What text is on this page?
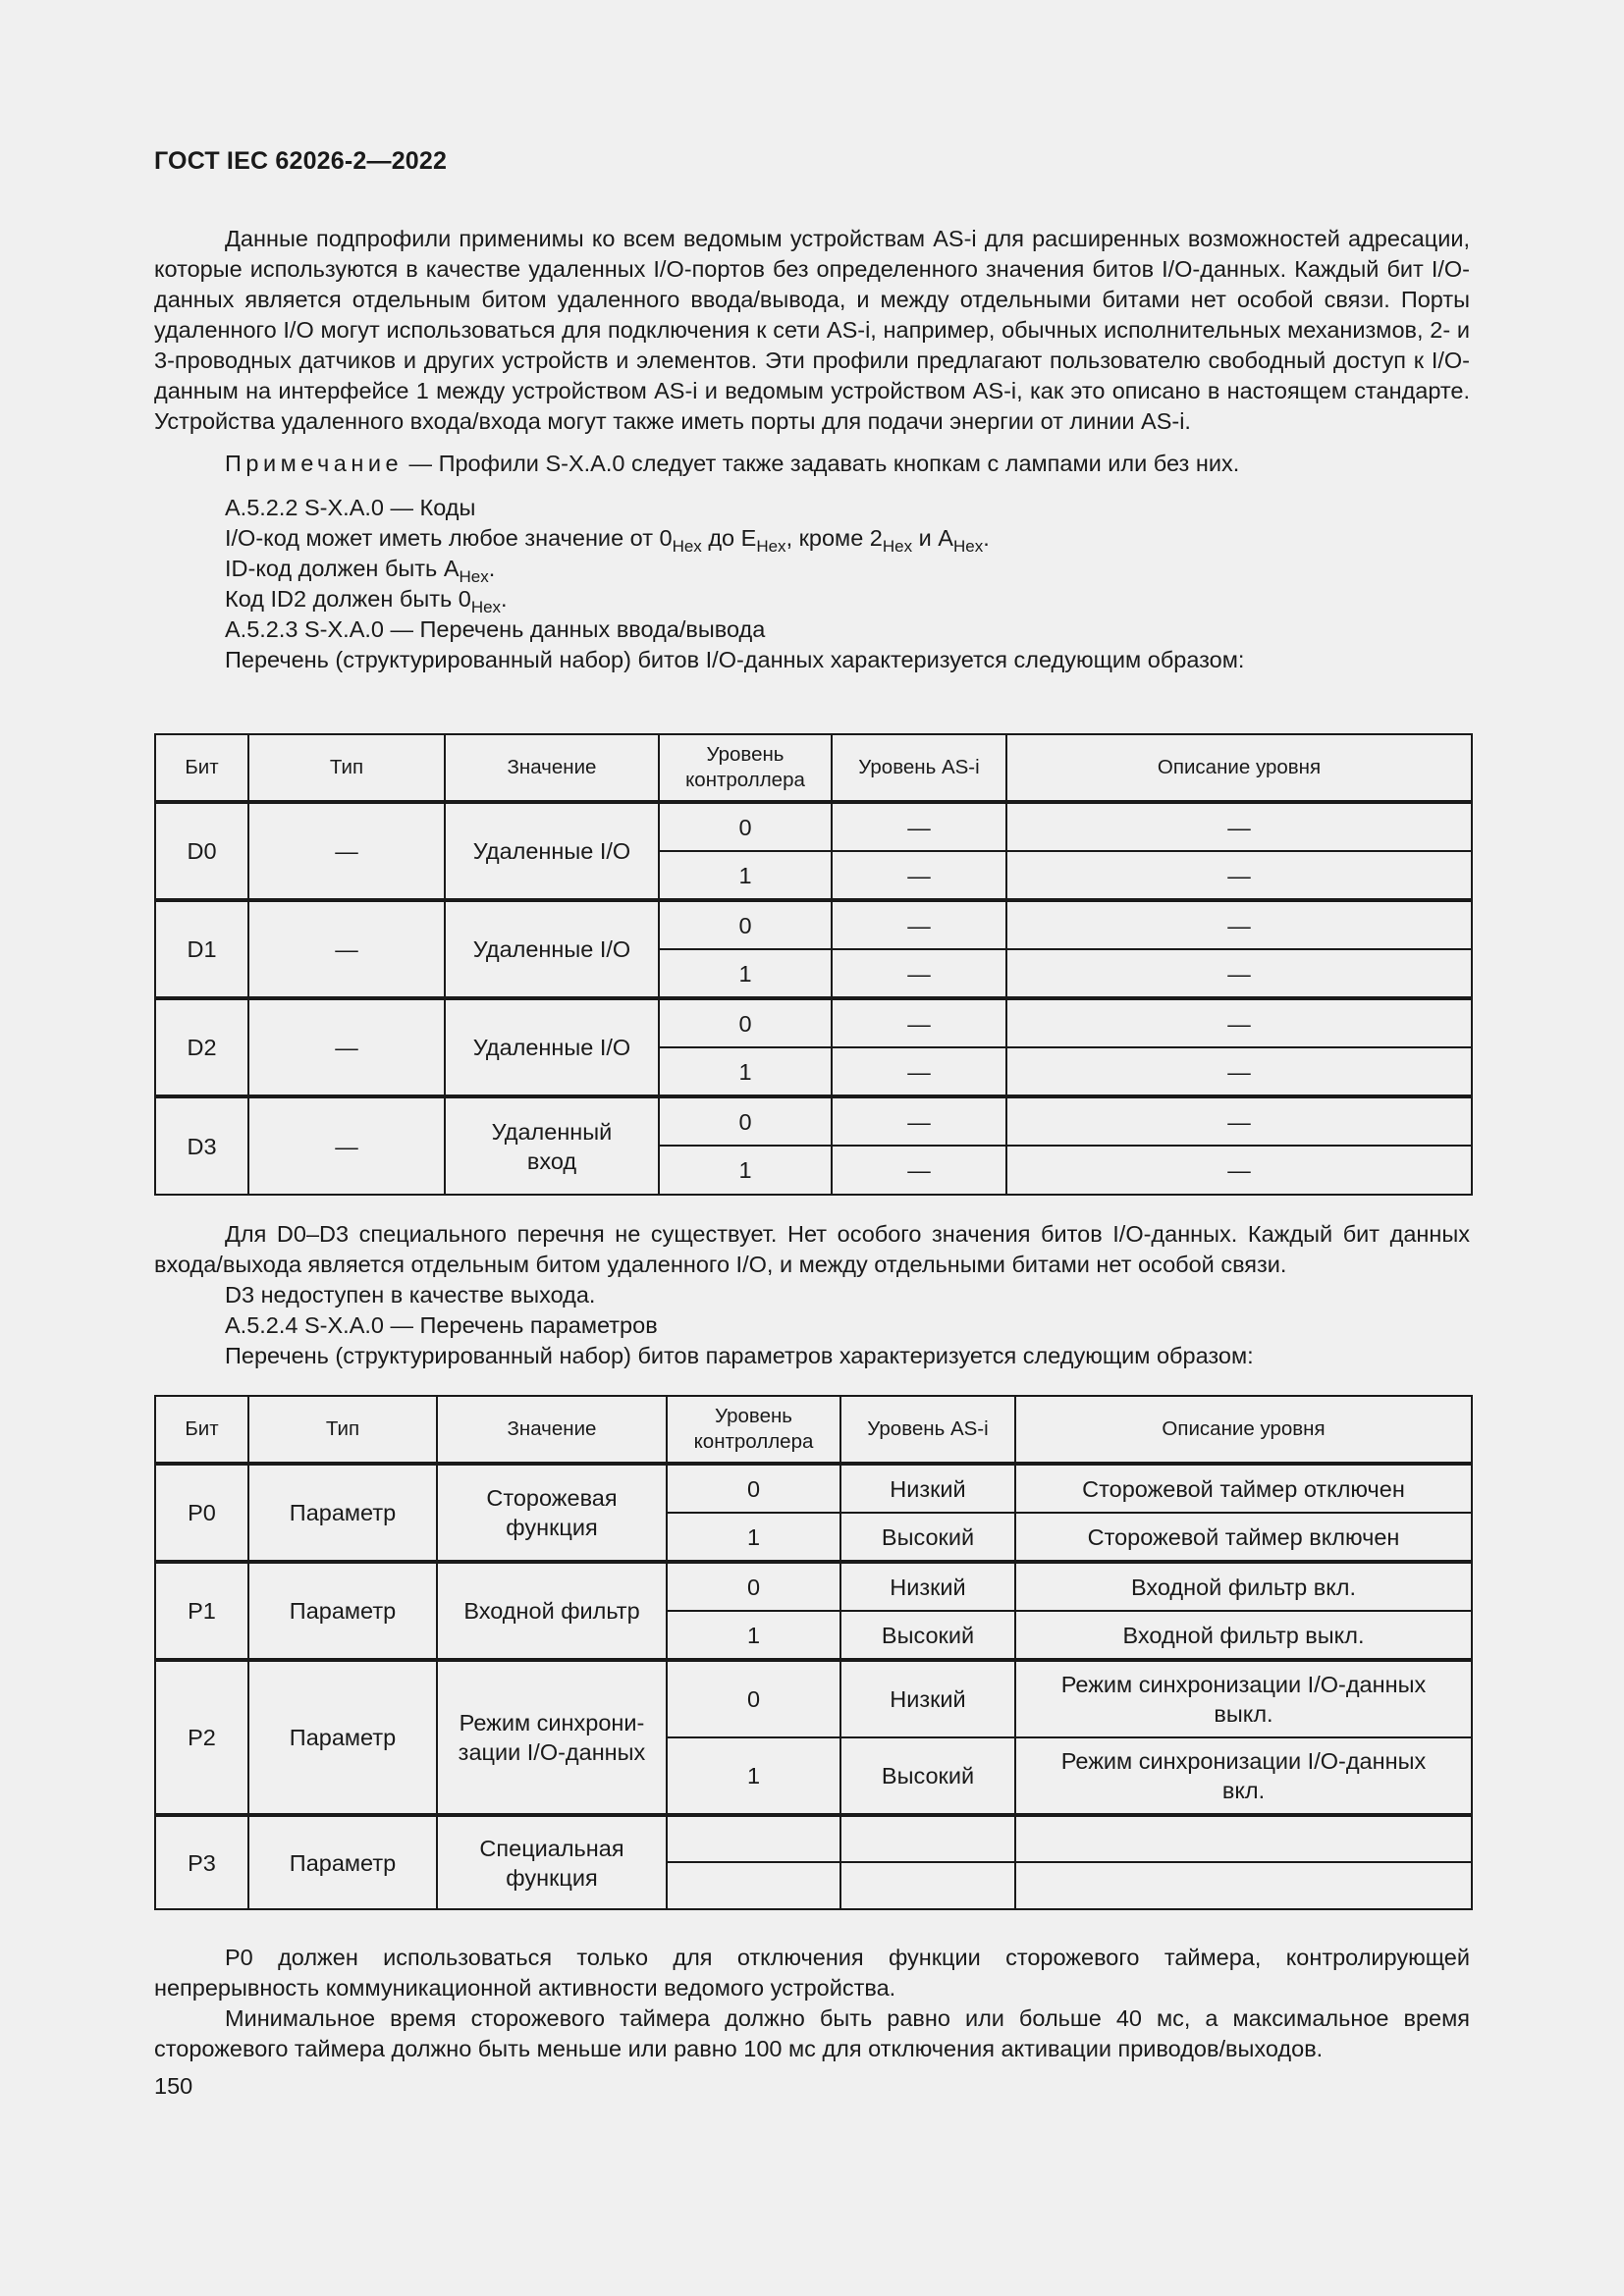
ГОСТ IEC 62026-2—2022

Данные подпрофили применимы ко всем ведомым устройствам AS-i для расширенных возможностей адресации, которые используются в качестве удаленных I/O-портов без определенного значения битов I/O-данных. Каждый бит I/O-данных является отдельным битом удаленного ввода/вывода, и между отдельными битами нет особой связи. Порты удаленного I/O могут использоваться для подключения к сети AS-i, например, обычных исполнительных механизмов, 2- и 3-проводных датчиков и других устройств и элементов. Эти профили предлагают пользователю свободный доступ к I/O-данным на интерфейсе 1 между устройством AS-i и ведомым устройством AS-i, как это описано в настоящем стандарте. Устройства удаленного входа/входа могут также иметь порты для подачи энергии от линии AS-i.

Примечание — Профили S-X.A.0 следует также задавать кнопкам с лампами или без них.

A.5.2.2 S-X.A.0 — Коды

I/O-код может иметь любое значение от $0_{Hex}$ до $E_{Hex}$, кроме $2_{Hex}$ и $A_{Hex}$.

ID-код должен быть $A_{Hex}$.

Код ID2 должен быть $0_{Hex}$.

A.5.2.3 S-X.A.0 — Перечень данных ввода/вывода

Перечень (структурированный набор) битов I/O-данных характеризуется следующим образом:

Бит	Тип	Значение	Уровень контроллера	Уровень AS-i	Описание уровня
D0	—	Удаленные I/O	0	—	—
			1	—	—
D1	—	Удаленные I/O	0	—	—
			1	—	—
D2	—	Удаленные I/O	0	—	—
			1	—	—
D3	—	Удаленный вход	0	—	—
			1	—	—

Для D0–D3 специального перечня не существует. Нет особого значения битов I/O-данных. Каждый бит данных входа/выхода является отдельным битом удаленного I/O, и между отдельными битами нет особой связи.

D3 недоступен в качестве выхода.

A.5.2.4 S-X.A.0 — Перечень параметров

Перечень (структурированный набор) битов параметров характеризуется следующим образом:

Бит	Тип	Значение	Уровень контроллера	Уровень AS-i	Описание уровня
P0	Параметр	Сторожевая функция	0	Низкий	Сторожевой таймер отключен
			1	Высокий	Сторожевой таймер включен
P1	Параметр	Входной фильтр	0	Низкий	Входной фильтр вкл.
			1	Высокий	Входной фильтр выкл.
P2	Параметр	Режим синхрони-зации I/O-данных	0	Низкий	Режим синхронизации I/O-данных выкл.
			1	Высокий	Режим синхронизации I/O-данных вкл.
P3	Параметр	Специальная функция			

P0 должен использоваться только для отключения функции сторожевого таймера, контролирующей непрерывность коммуникационной активности ведомого устройства.

Минимальное время сторожевого таймера должно быть равно или больше 40 мс, а максимальное время сторожевого таймера должно быть меньше или равно 100 мс для отключения активации приводов/выходов.

150
